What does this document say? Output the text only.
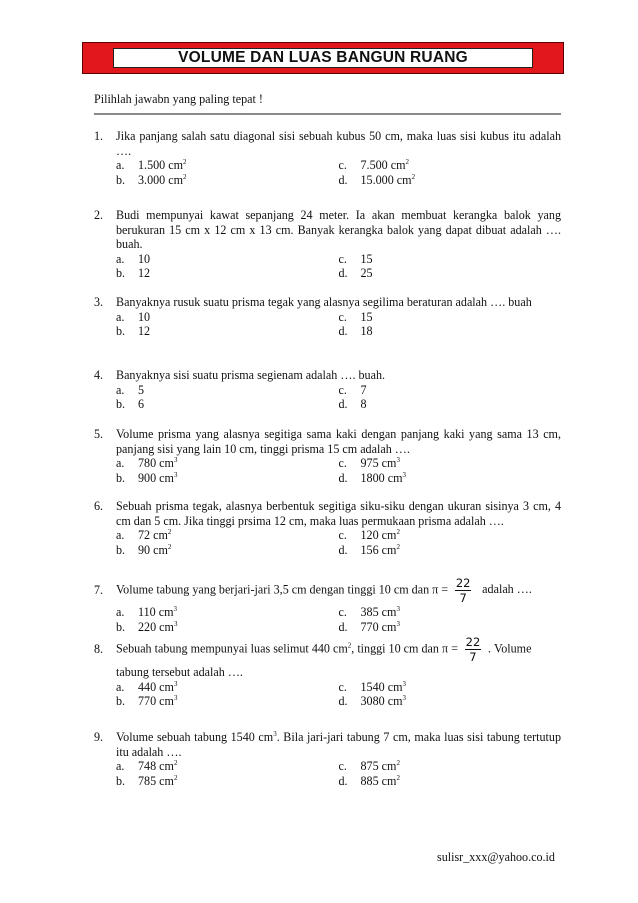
VOLUME DAN LUAS BANGUN RUANG
Pilihlah jawabn yang paling tepat !
1.	Jika panjang salah satu diagonal sisi sebuah kubus 50 cm, maka luas sisi kubus itu adalah ….
a.	1.500 $cm^2$	c.	7.500 $cm^2$
b.	3.000 $cm^2$	d.	15.000 $cm^2$
2.	Budi mempunyai kawat sepanjang 24 meter. Ia akan membuat kerangka balok yang berukuran 15 cm x 12 cm x 13 cm. Banyak kerangka balok yang dapat dibuat adalah …. buah.
a.	10	c.	15
b.	12	d.	25
3.	Banyaknya rusuk suatu prisma tegak yang alasnya segilima beraturan adalah …. buah
a.	10	c.	15
b.	12	d.	18
4.	Banyaknya sisi suatu prisma segienam adalah …. buah.
a.	5	c.	7
b.	6	d.	8
5.	Volume prisma yang alasnya segitiga sama kaki dengan panjang kaki yang sama 13 cm, panjang sisi yang lain 10 cm, tinggi prisma 15 cm adalah ….
a.	780 $cm^3$	c.	975 $cm^3$
b.	900 $cm^3$	d.	1800 $cm^3$
6.	Sebuah prisma tegak, alasnya berbentuk segitiga siku-siku dengan ukuran sisinya 3 cm, 4 cm dan 5 cm. Jika tinggi prsima 12 cm, maka luas permukaan prisma adalah ….
a.	72 $cm^2$	c.	120 $cm^2$
b.	90 $cm^2$	d.	156 $cm^2$
7.	Volume tabung yang berjari-jari 3,5 cm dengan tinggi 10 cm dan $\pi = \frac{22}{7}$ adalah ….
a.	110 $cm^3$	c.	385 $cm^3$
b.	220 $cm^3$	d.	770 $cm^3$
8.	Sebuah tabung mempunyai luas selimut 440 $cm^2$, tinggi 10 cm dan $\pi = \frac{22}{7}$ . Volume
tabung tersebut adalah ….
a.	440 $cm^3$	c.	1540 $cm^3$
b.	770 $cm^3$	d.	3080 $cm^3$
9.	Volume sebuah tabung 1540 $cm^3$. Bila jari-jari tabung 7 cm, maka luas sisi tabung tertutup itu adalah ….
a.	748 $cm^2$	c.	875 $cm^2$
b.	785 $cm^2$	d.	885 $cm^2$
sulisr_xxx@yahoo.co.id
